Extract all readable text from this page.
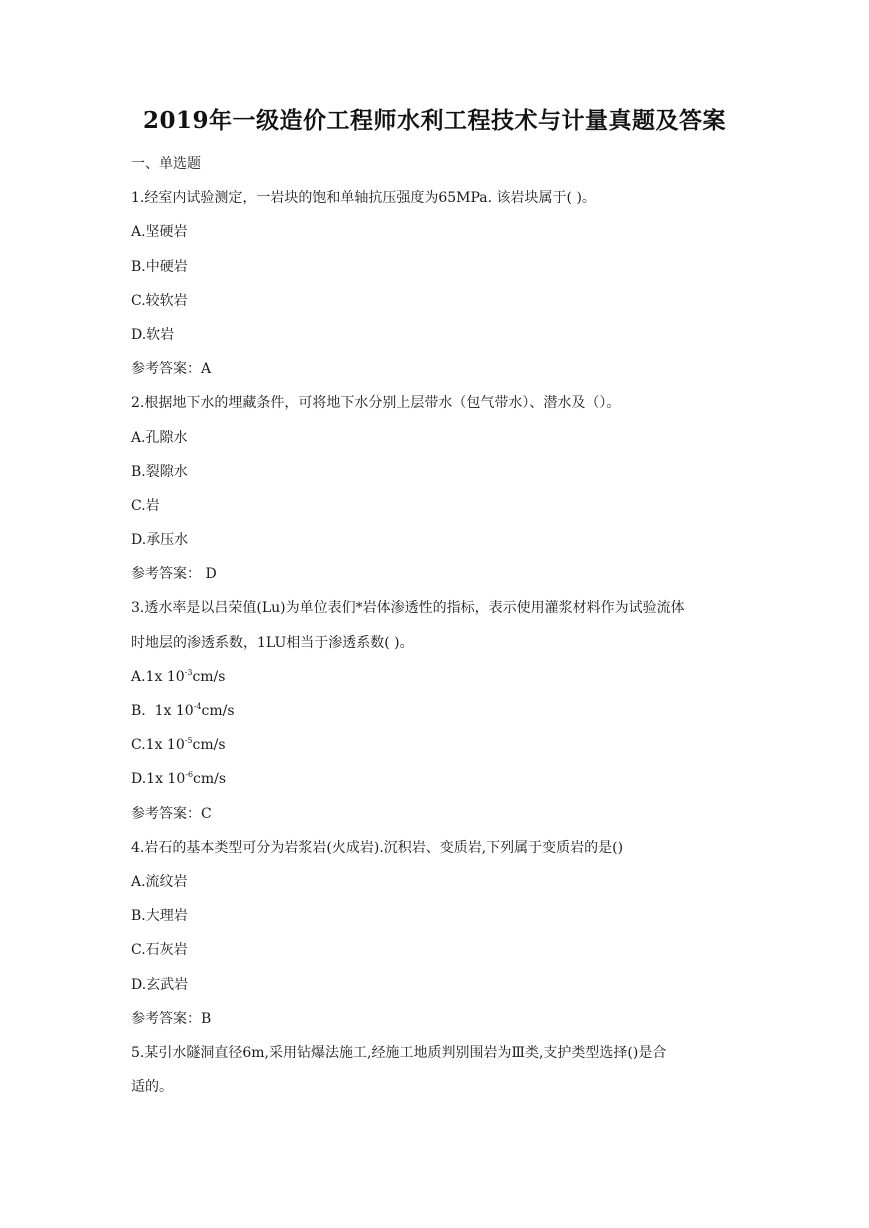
2019年一级造价工程师水利工程技术与计量真题及答案
一、单选题
1.经室内试验测定，一岩块的饱和单轴抗压强度为65MPa. 该岩块属于( )。
A.坚硬岩
B.中硬岩
C.较软岩
D.软岩
参考答案：A
2.根据地下水的埋藏条件，可将地下水分别上层带水（包气带水）、潜水及（）。
A.孔隙水
B.裂隙水
C.岩
D.承压水
参考答案： D
3.透水率是以吕荣值(Lu)为单位表们*岩体渗透性的指标，表示使用灌浆材料作为试验流体
时地层的渗透系数，1LU相当于渗透系数( )。
A.1x $10^{-3}cm/s$
B.  1x $10^{-4}cm/s$
C.1x $10^{-5}cm/s$
D.1x $10^{-6}cm/s$
参考答案：C
4.岩石的基本类型可分为岩浆岩(火成岩).沉积岩、变质岩,下列属于变质岩的是()
A.流纹岩
B.大理岩
C.石灰岩
D.玄武岩
参考答案：B
5.某引水隧洞直径6m,采用钻爆法施工,经施工地质判别围岩为Ⅲ类,支护类型选择()是合
适的。
